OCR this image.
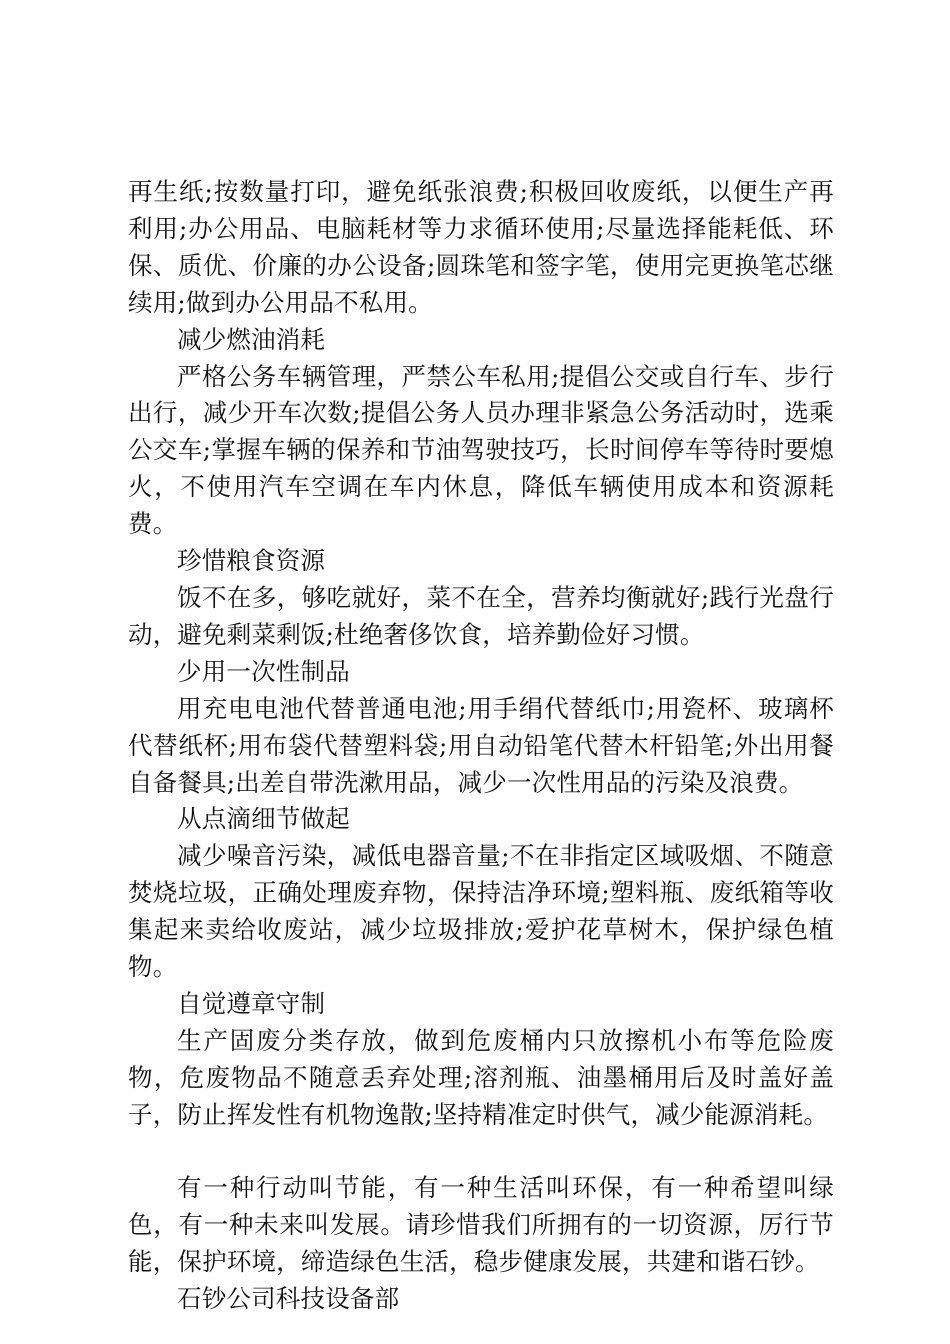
再生纸;按数量打印，避免纸张浪费;积极回收废纸，以便生产再利用;办公用品、电脑耗材等力求循环使用;尽量选择能耗低、环保、质优、价廉的办公设备;圆珠笔和签字笔，使用完更换笔芯继续用;做到办公用品不私用。

减少燃油消耗

严格公务车辆管理，严禁公车私用;提倡公交或自行车、步行出行，减少开车次数;提倡公务人员办理非紧急公务活动时，选乘公交车;掌握车辆的保养和节油驾驶技巧，长时间停车等待时要熄火，不使用汽车空调在车内休息，降低车辆使用成本和资源耗费。

珍惜粮食资源

饭不在多，够吃就好，菜不在全，营养均衡就好;践行光盘行动，避免剩菜剩饭;杜绝奢侈饮食，培养勤俭好习惯。

少用一次性制品

用充电电池代替普通电池;用手绢代替纸巾;用瓷杯、玻璃杯代替纸杯;用布袋代替塑料袋;用自动铅笔代替木杆铅笔;外出用餐自备餐具;出差自带洗漱用品，减少一次性用品的污染及浪费。

从点滴细节做起

减少噪音污染，减低电器音量;不在非指定区域吸烟、不随意焚烧垃圾，正确处理废弃物，保持洁净环境;塑料瓶、废纸箱等收集起来卖给收废站，减少垃圾排放;爱护花草树木，保护绿色植物。

自觉遵章守制

生产固废分类存放，做到危废桶内只放擦机小布等危险废物，危废物品不随意丢弃处理;溶剂瓶、油墨桶用后及时盖好盖子，防止挥发性有机物逸散;坚持精准定时供气，减少能源消耗。

有一种行动叫节能，有一种生活叫环保，有一种希望叫绿色，有一种未来叫发展。请珍惜我们所拥有的一切资源，厉行节能，保护环境，缔造绿色生活，稳步健康发展，共建和谐石钞。

石钞公司科技设备部
